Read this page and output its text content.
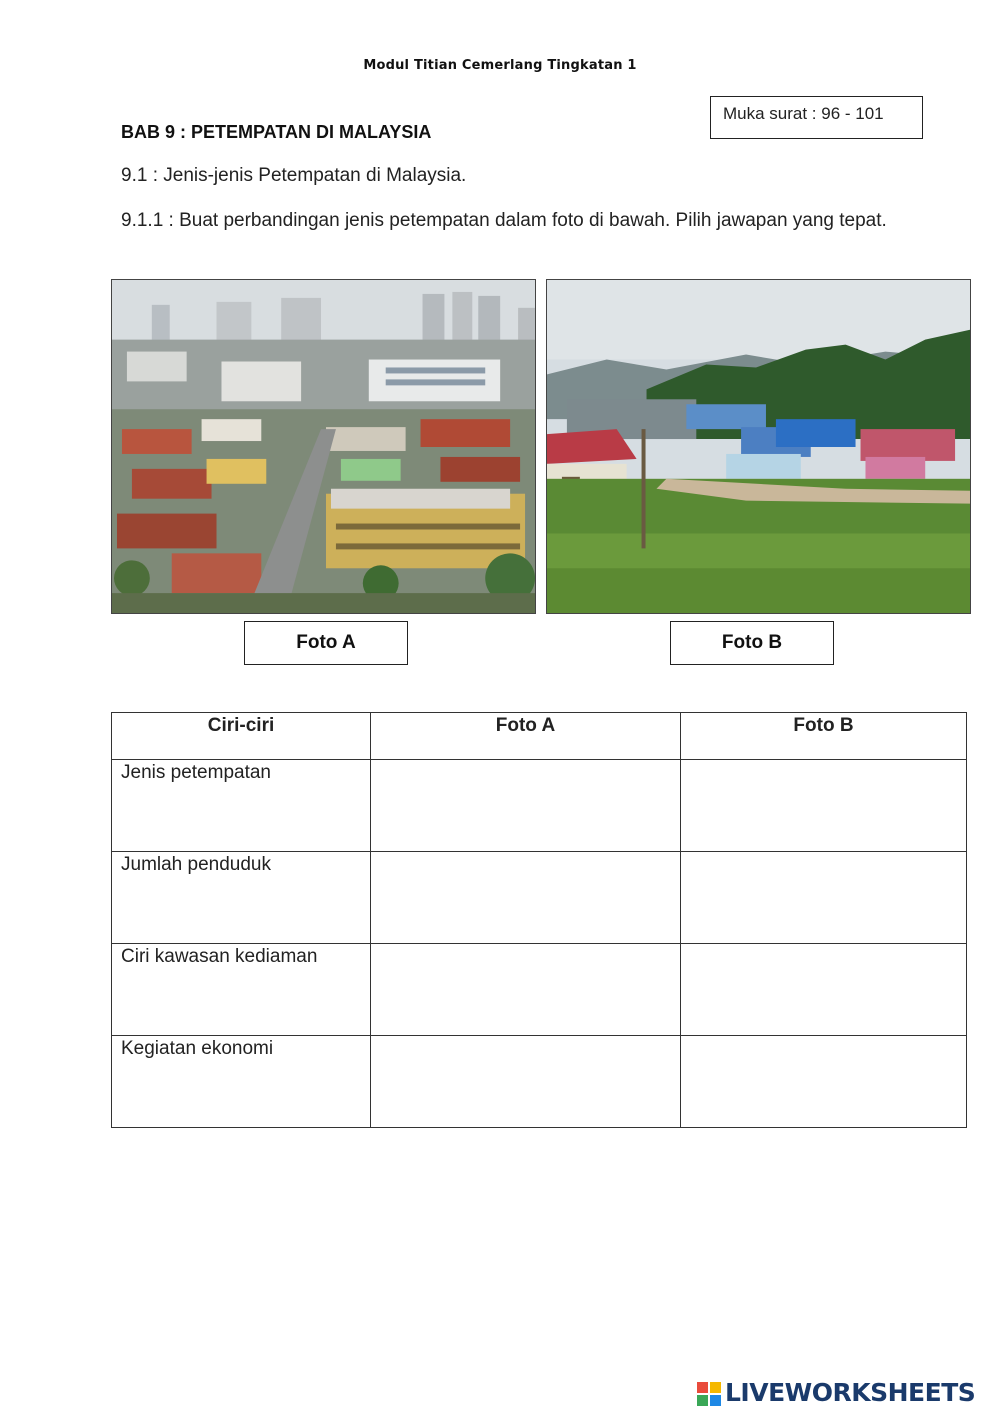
Modul Titian Cemerlang Tingkatan 1
Muka surat : 96 - 101
BAB 9 : PETEMPATAN DI MALAYSIA
9.1 : Jenis-jenis Petempatan di Malaysia.
9.1.1 : Buat perbandingan jenis petempatan dalam foto di bawah. Pilih jawapan yang tepat.
Foto A	Foto B
Ciri-ciri	Foto A	Foto B
Jenis petempatan		
Jumlah penduduk		
Ciri kawasan kediaman		
Kegiatan ekonomi		
LIVEWORKSHEETS
